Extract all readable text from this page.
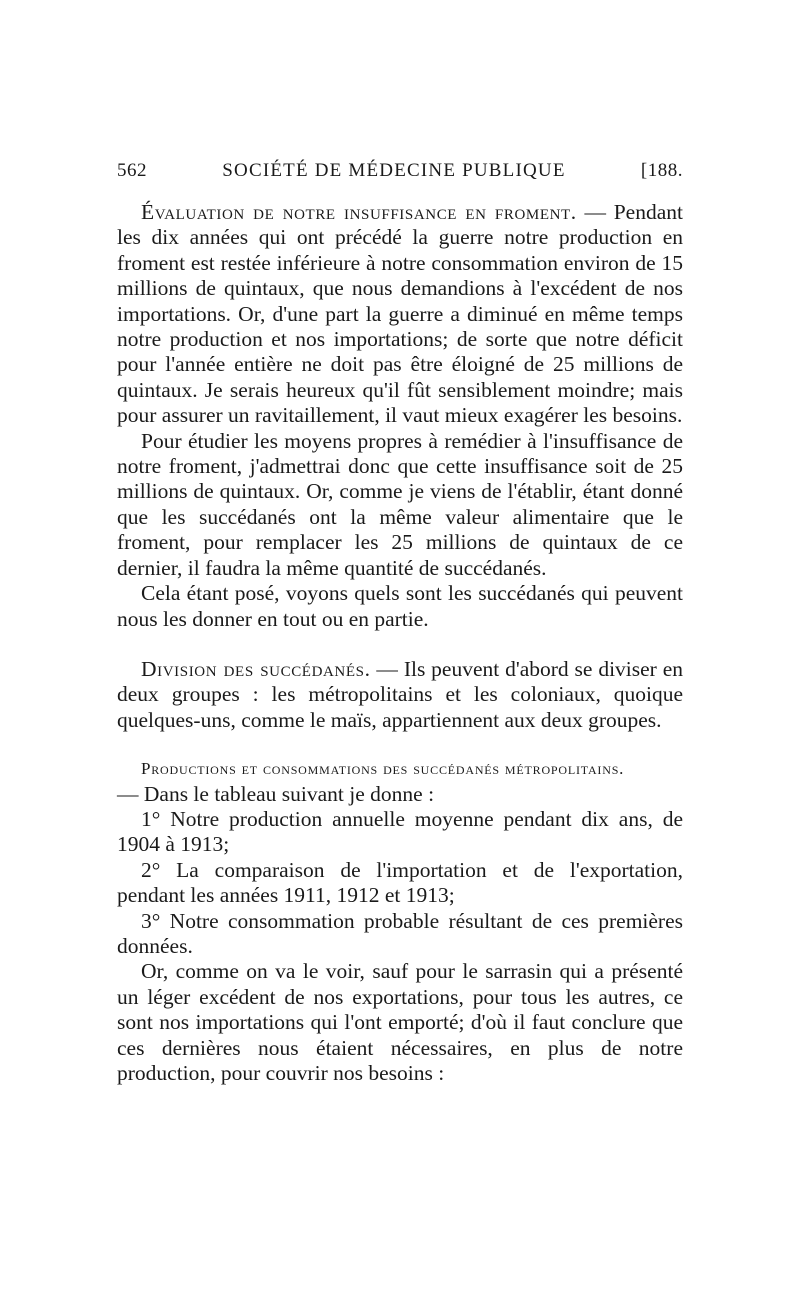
562	SOCIÉTÉ DE MÉDECINE PUBLIQUE	[188.

Évaluation de notre insuffisance en froment. — Pendant les dix années qui ont précédé la guerre notre production en froment est restée inférieure à notre consommation environ de 15 millions de quintaux, que nous demandions à l'excédent de nos importations. Or, d'une part la guerre a diminué en même temps notre production et nos importations; de sorte que notre déficit pour l'année entière ne doit pas être éloigné de 25 millions de quintaux. Je serais heureux qu'il fût sensiblement moindre; mais pour assurer un ravitaillement, il vaut mieux exagérer les besoins.

Pour étudier les moyens propres à remédier à l'insuffisance de notre froment, j'admettrai donc que cette insuffisance soit de 25 millions de quintaux. Or, comme je viens de l'établir, étant donné que les succédanés ont la même valeur alimentaire que le froment, pour remplacer les 25 millions de quintaux de ce dernier, il faudra la même quantité de succédanés.

Cela étant posé, voyons quels sont les succédanés qui peuvent nous les donner en tout ou en partie.

Division des succédanés. — Ils peuvent d'abord se diviser en deux groupes : les métropolitains et les coloniaux, quoique quelques-uns, comme le maïs, appartiennent aux deux groupes.

Productions et consommations des succédanés métropolitains.

— Dans le tableau suivant je donne :

1° Notre production annuelle moyenne pendant dix ans, de 1904 à 1913;

2° La comparaison de l'importation et de l'exportation, pendant les années 1911, 1912 et 1913;

3° Notre consommation probable résultant de ces premières données.

Or, comme on va le voir, sauf pour le sarrasin qui a présenté un léger excédent de nos exportations, pour tous les autres, ce sont nos importations qui l'ont emporté; d'où il faut conclure que ces dernières nous étaient nécessaires, en plus de notre production, pour couvrir nos besoins :
